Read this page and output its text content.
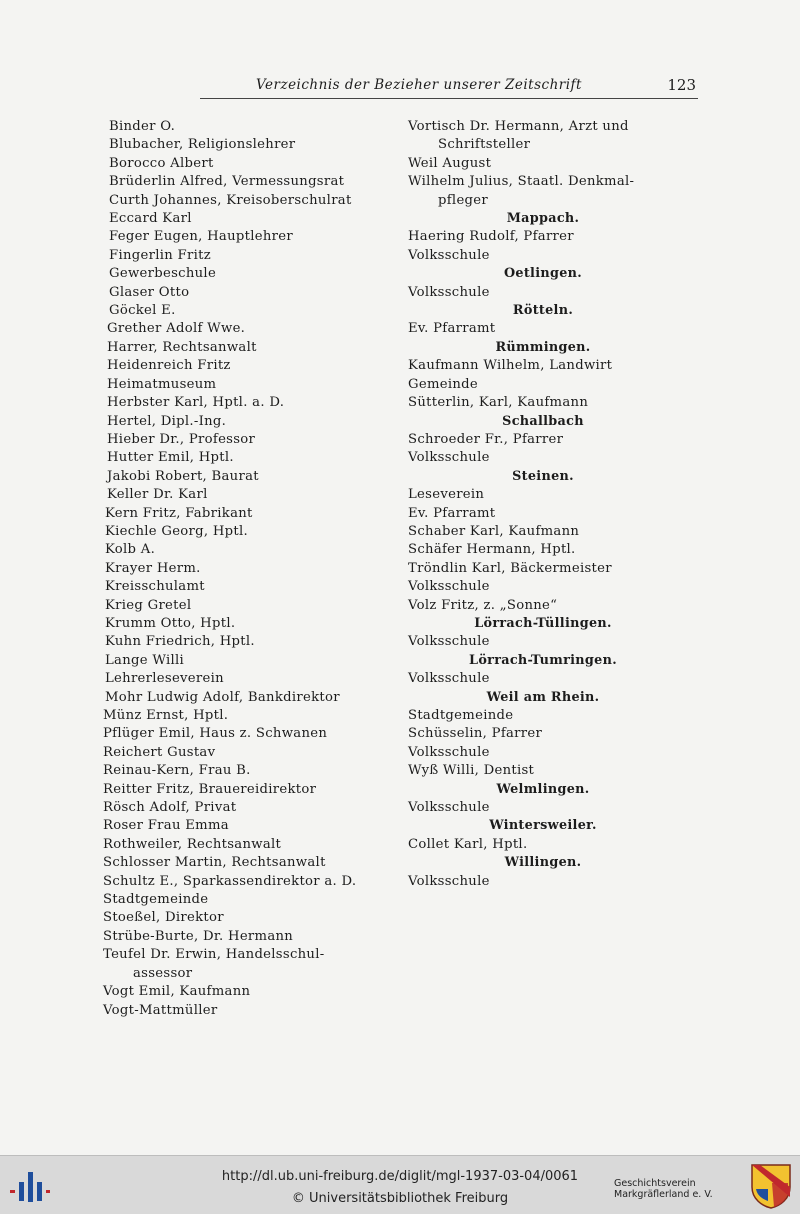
Verzeichnis der Bezieher unserer Zeitschrift	123
Binder O.
Blubacher, Religionslehrer
Borocco Albert
Brüderlin Alfred, Vermessungsrat
Curth Johannes, Kreisoberschulrat
Eccard Karl
Feger Eugen, Hauptlehrer
Fingerlin Fritz
Gewerbeschule
Glaser Otto
Göckel E.
Grether Adolf Wwe.
Harrer, Rechtsanwalt
Heidenreich Fritz
Heimatmuseum
Herbster Karl, Hptl. a. D.
Hertel, Dipl.-Ing.
Hieber Dr., Professor
Hutter Emil, Hptl.
Jakobi Robert, Baurat
Keller Dr. Karl
Kern Fritz, Fabrikant
Kiechle Georg, Hptl.
Kolb A.
Krayer Herm.
Kreisschulamt
Krieg Gretel
Krumm Otto, Hptl.
Kuhn Friedrich, Hptl.
Lange Willi
Lehrerleseverein
Mohr Ludwig Adolf, Bankdirektor
Münz Ernst, Hptl.
Pflüger Emil, Haus z. Schwanen
Reichert Gustav
Reinau-Kern, Frau B.
Reitter Fritz, Brauereidirektor
Rösch Adolf, Privat
Roser Frau Emma
Rothweiler, Rechtsanwalt
Schlosser Martin, Rechtsanwalt
Schultz E., Sparkassendirektor a. D.
Stadtgemeinde
Stoeßel, Direktor
Strübe-Burte, Dr. Hermann
Teufel Dr. Erwin, Handelsschul-
assessor
Vogt Emil, Kaufmann
Vogt-Mattmüller
Vortisch Dr. Hermann, Arzt und
Schriftsteller
Weil August
Wilhelm Julius, Staatl. Denkmal-
pfleger
Mappach.
Haering Rudolf, Pfarrer
Volksschule
Oetlingen.
Volksschule
Rötteln.
Ev. Pfarramt
Rümmingen.
Kaufmann Wilhelm, Landwirt
Gemeinde
Sütterlin, Karl, Kaufmann
Schallbach
Schroeder Fr., Pfarrer
Volksschule
Steinen.
Leseverein
Ev. Pfarramt
Schaber Karl, Kaufmann
Schäfer Hermann, Hptl.
Tröndlin Karl, Bäckermeister
Volksschule
Volz Fritz, z. „Sonne“
Lörrach-Tüllingen.
Volksschule
Lörrach-Tumringen.
Volksschule
Weil am Rhein.
Stadtgemeinde
Schüsselin, Pfarrer
Volksschule
Wyß Willi, Dentist
Welmlingen.
Volksschule
Wintersweiler.
Collet Karl, Hptl.
Willingen.
Volksschule
http://dl.ub.uni-freiburg.de/diglit/mgl-1937-03-04/0061
© Universitätsbibliothek Freiburg
Geschichtsverein
Markgräflerland e. V.
